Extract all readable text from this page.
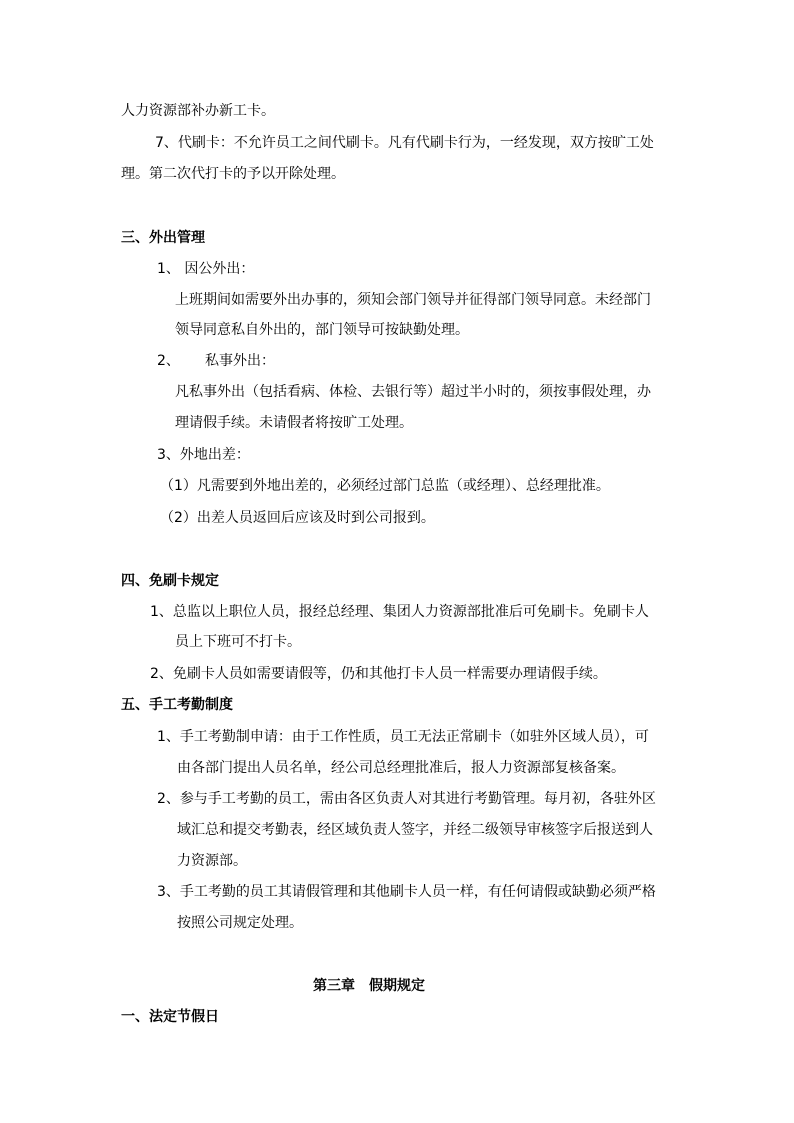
人力资源部补办新工卡。
7、代刷卡：不允许员工之间代刷卡。凡有代刷卡行为，一经发现，双方按旷工处
理。第二次代打卡的予以开除处理。
三、外出管理
1、 因公外出：
上班期间如需要外出办事的，须知会部门领导并征得部门领导同意。未经部门
领导同意私自外出的，部门领导可按缺勤处理。
2、 私事外出：
凡私事外出（包括看病、体检、去银行等）超过半小时的，须按事假处理，办
理请假手续。未请假者将按旷工处理。
3、外地出差：
（1）凡需要到外地出差的，必须经过部门总监（或经理）、总经理批准。
（2）出差人员返回后应该及时到公司报到。
四、免刷卡规定
1、总监以上职位人员，报经总经理、集团人力资源部批准后可免刷卡。免刷卡人
员上下班可不打卡。
2、免刷卡人员如需要请假等，仍和其他打卡人员一样需要办理请假手续。
五、手工考勤制度
1、手工考勤制申请：由于工作性质，员工无法正常刷卡（如驻外区域人员），可
由各部门提出人员名单，经公司总经理批准后，报人力资源部复核备案。
2、参与手工考勤的员工，需由各区负责人对其进行考勤管理。每月初，各驻外区
域汇总和提交考勤表，经区域负责人签字，并经二级领导审核签字后报送到人
力资源部。
3、手工考勤的员工其请假管理和其他刷卡人员一样，有任何请假或缺勤必须严格
按照公司规定处理。
第三章　假期规定
一、法定节假日
